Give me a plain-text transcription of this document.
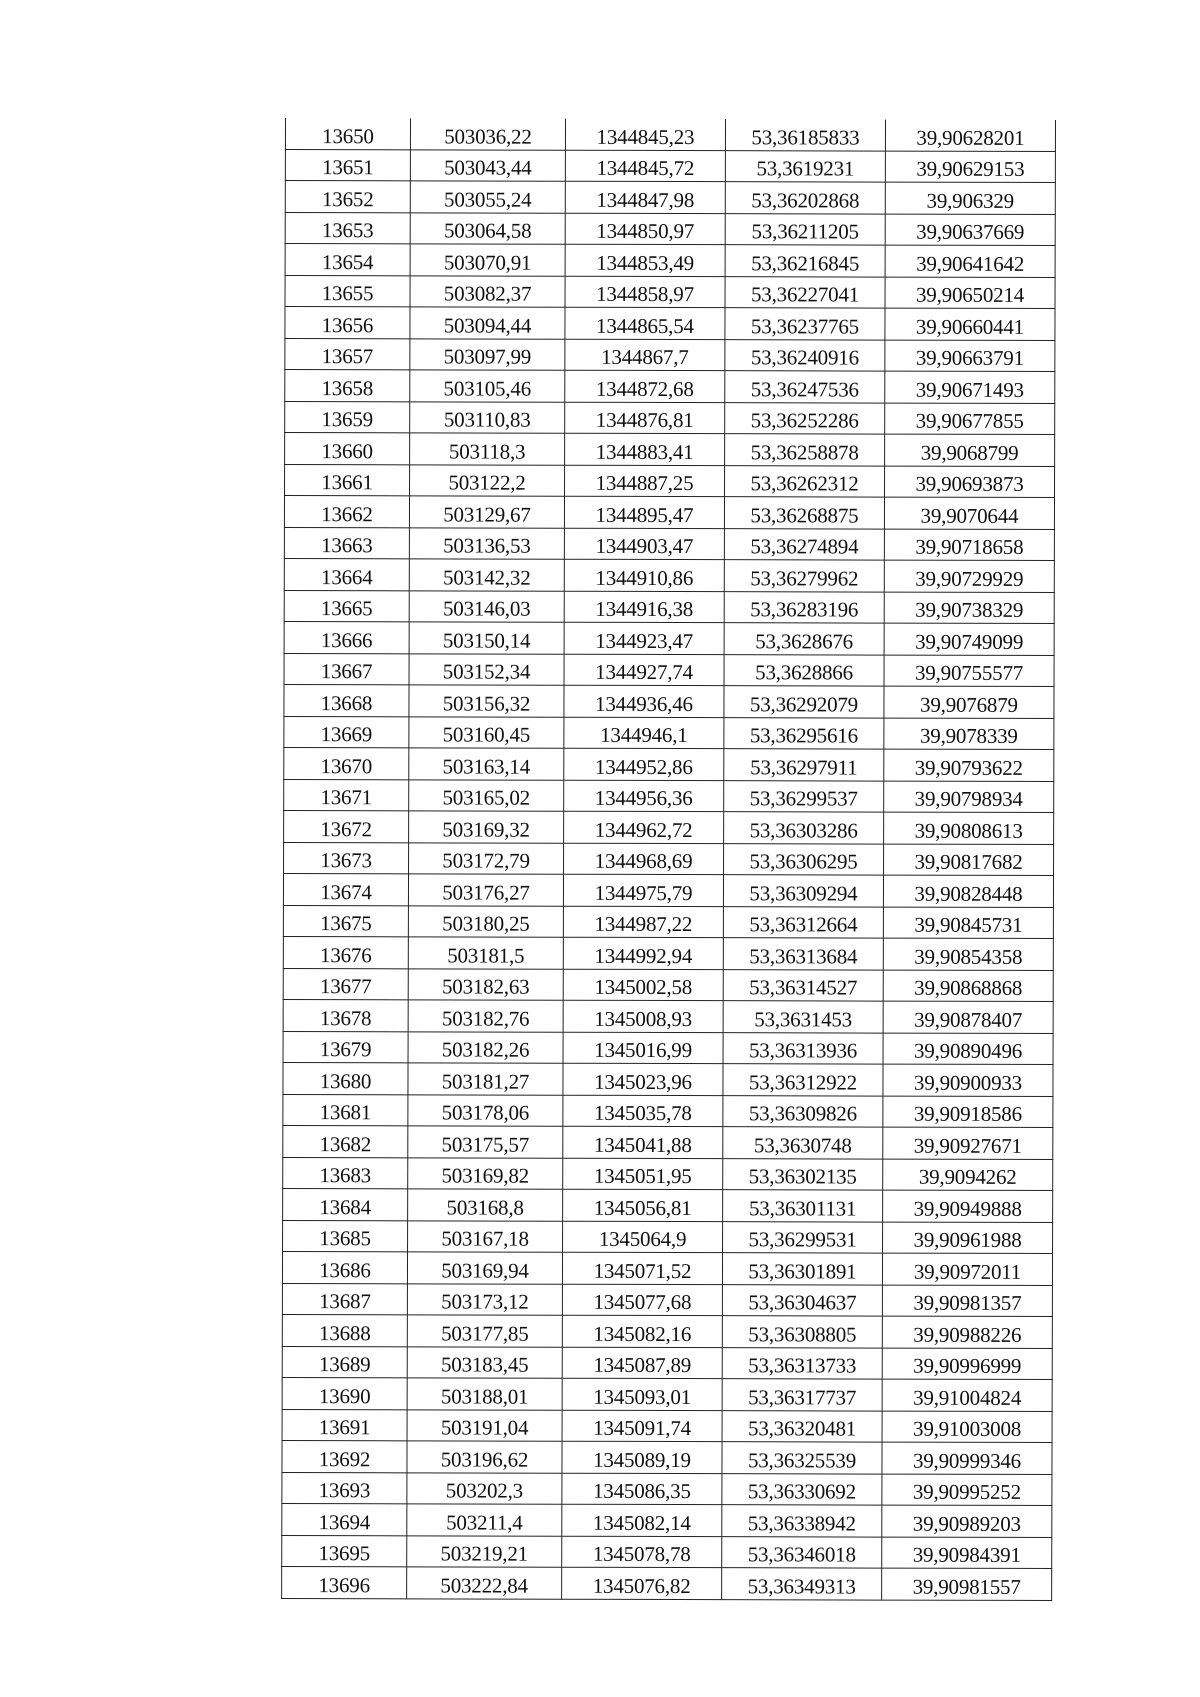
13650	503036,22	1344845,23	53,36185833	39,90628201
13651	503043,44	1344845,72	53,3619231	39,90629153
13652	503055,24	1344847,98	53,36202868	39,906329
13653	503064,58	1344850,97	53,36211205	39,90637669
13654	503070,91	1344853,49	53,36216845	39,90641642
13655	503082,37	1344858,97	53,36227041	39,90650214
13656	503094,44	1344865,54	53,36237765	39,90660441
13657	503097,99	1344867,7	53,36240916	39,90663791
13658	503105,46	1344872,68	53,36247536	39,90671493
13659	503110,83	1344876,81	53,36252286	39,90677855
13660	503118,3	1344883,41	53,36258878	39,9068799
13661	503122,2	1344887,25	53,36262312	39,90693873
13662	503129,67	1344895,47	53,36268875	39,9070644
13663	503136,53	1344903,47	53,36274894	39,90718658
13664	503142,32	1344910,86	53,36279962	39,90729929
13665	503146,03	1344916,38	53,36283196	39,90738329
13666	503150,14	1344923,47	53,3628676	39,90749099
13667	503152,34	1344927,74	53,3628866	39,90755577
13668	503156,32	1344936,46	53,36292079	39,9076879
13669	503160,45	1344946,1	53,36295616	39,9078339
13670	503163,14	1344952,86	53,36297911	39,90793622
13671	503165,02	1344956,36	53,36299537	39,90798934
13672	503169,32	1344962,72	53,36303286	39,90808613
13673	503172,79	1344968,69	53,36306295	39,90817682
13674	503176,27	1344975,79	53,36309294	39,90828448
13675	503180,25	1344987,22	53,36312664	39,90845731
13676	503181,5	1344992,94	53,36313684	39,90854358
13677	503182,63	1345002,58	53,36314527	39,90868868
13678	503182,76	1345008,93	53,3631453	39,90878407
13679	503182,26	1345016,99	53,36313936	39,90890496
13680	503181,27	1345023,96	53,36312922	39,90900933
13681	503178,06	1345035,78	53,36309826	39,90918586
13682	503175,57	1345041,88	53,3630748	39,90927671
13683	503169,82	1345051,95	53,36302135	39,9094262
13684	503168,8	1345056,81	53,36301131	39,90949888
13685	503167,18	1345064,9	53,36299531	39,90961988
13686	503169,94	1345071,52	53,36301891	39,90972011
13687	503173,12	1345077,68	53,36304637	39,90981357
13688	503177,85	1345082,16	53,36308805	39,90988226
13689	503183,45	1345087,89	53,36313733	39,90996999
13690	503188,01	1345093,01	53,36317737	39,91004824
13691	503191,04	1345091,74	53,36320481	39,91003008
13692	503196,62	1345089,19	53,36325539	39,90999346
13693	503202,3	1345086,35	53,36330692	39,90995252
13694	503211,4	1345082,14	53,36338942	39,90989203
13695	503219,21	1345078,78	53,36346018	39,90984391
13696	503222,84	1345076,82	53,36349313	39,90981557
